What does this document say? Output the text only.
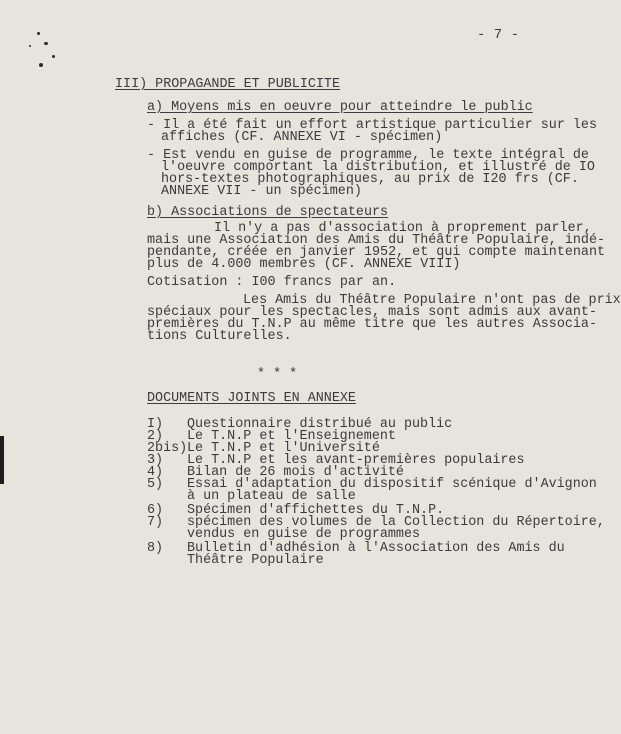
- 7 -
III) PROPAGANDE ET PUBLICITE
a) Moyens mis en oeuvre pour atteindre le public
- Il a été fait un effort artistique particulier sur les
affiches (CF. ANNEXE VI - spécimen)
- Est vendu en guise de programme, le texte intégral de
l'oeuvre comportant la distribution, et illustré de IO
hors-textes photographiques, au prix de I20 frs (CF.
ANNEXE VII - un spécimen)
b) Associations de spectateurs
Il n'y a pas d'association à proprement parler,
mais une Association des Amis du Théâtre Populaire, indé-
pendante, créée en janvier 1952, et qui compte maintenant
plus de 4.000 membres (CF. ANNEXE VIII)
Cotisation : I00 francs par an.
Les Amis du Théâtre Populaire n'ont pas de prix
spéciaux pour les spectacles, mais sont admis aux avant-
premières du T.N.P au même titre que les autres Associa-
tions Culturelles.
* * *
DOCUMENTS JOINTS EN ANNEXE
I) Questionnaire distribué au public
2) Le T.N.P et l'Enseignement
2bis) Le T.N.P et l'Université
3) Le T.N.P et les avant-premières populaires
4) Bilan de 26 mois d'activité
5) Essai d'adaptation du dispositif scénique d'Avignon
à un plateau de salle
6) Spécimen d'affichettes du T.N.P.
7) spécimen des volumes de la Collection du Répertoire,
vendus en guise de programmes
8) Bulletin d'adhésion à l'Association des Amis du
Théâtre Populaire
